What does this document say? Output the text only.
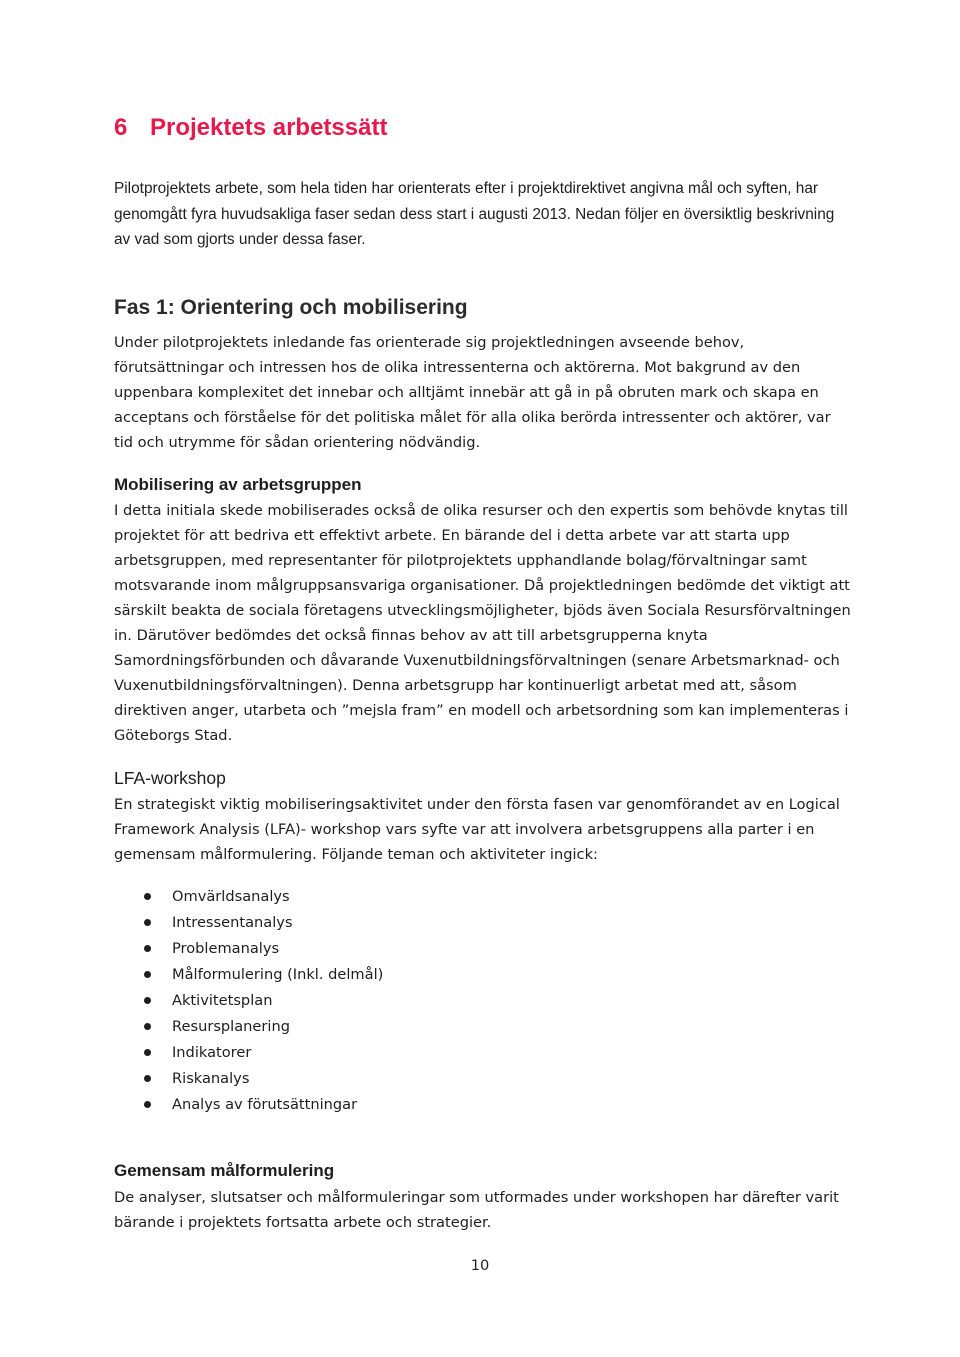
6 Projektets arbetssätt

Pilotprojektets arbete, som hela tiden har orienterats efter i projektdirektivet angivna mål och syften, har genomgått fyra huvudsakliga faser sedan dess start i augusti 2013. Nedan följer en översiktlig beskrivning av vad som gjorts under dessa faser.

Fas 1: Orientering och mobilisering

Under pilotprojektets inledande fas orienterade sig projektledningen avseende behov, förutsättningar och intressen hos de olika intressenterna och aktörerna. Mot bakgrund av den uppenbara komplexitet det innebar och alltjämt innebär att gå in på obruten mark och skapa en acceptans och förståelse för det politiska målet för alla olika berörda intressenter och aktörer, var tid och utrymme för sådan orientering nödvändig.

Mobilisering av arbetsgruppen

I detta initiala skede mobiliserades också de olika resurser och den expertis som behövde knytas till projektet för att bedriva ett effektivt arbete. En bärande del i detta arbete var att starta upp arbetsgruppen, med representanter för pilotprojektets upphandlande bolag/förvaltningar samt motsvarande inom målgruppsansvariga organisationer. Då projektledningen bedömde det viktigt att särskilt beakta de sociala företagens utvecklingsmöjligheter, bjöds även Sociala Resursförvaltningen in. Därutöver bedömdes det också finnas behov av att till arbetsgrupperna knyta Samordningsförbunden och dåvarande Vuxenutbildningsförvaltningen (senare Arbetsmarknad- och Vuxenutbildningsförvaltningen). Denna arbetsgrupp har kontinuerligt arbetat med att, såsom direktiven anger, utarbeta och ”mejsla fram” en modell och arbetsordning som kan implementeras i Göteborgs Stad.

LFA-workshop

En strategiskt viktig mobiliseringsaktivitet under den första fasen var genomförandet av en Logical Framework Analysis (LFA)- workshop vars syfte var att involvera arbetsgruppens alla parter i en gemensam målformulering. Följande teman och aktiviteter ingick:

Omvärldsanalys
Intressentanalys
Problemanalys
Målformulering (Inkl. delmål)
Aktivitetsplan
Resursplanering
Indikatorer
Riskanalys
Analys av förutsättningar
Gemensam målformulering

De analyser, slutsatser och målformuleringar som utformades under workshopen har därefter varit bärande i projektets fortsatta arbete och strategier.

10
